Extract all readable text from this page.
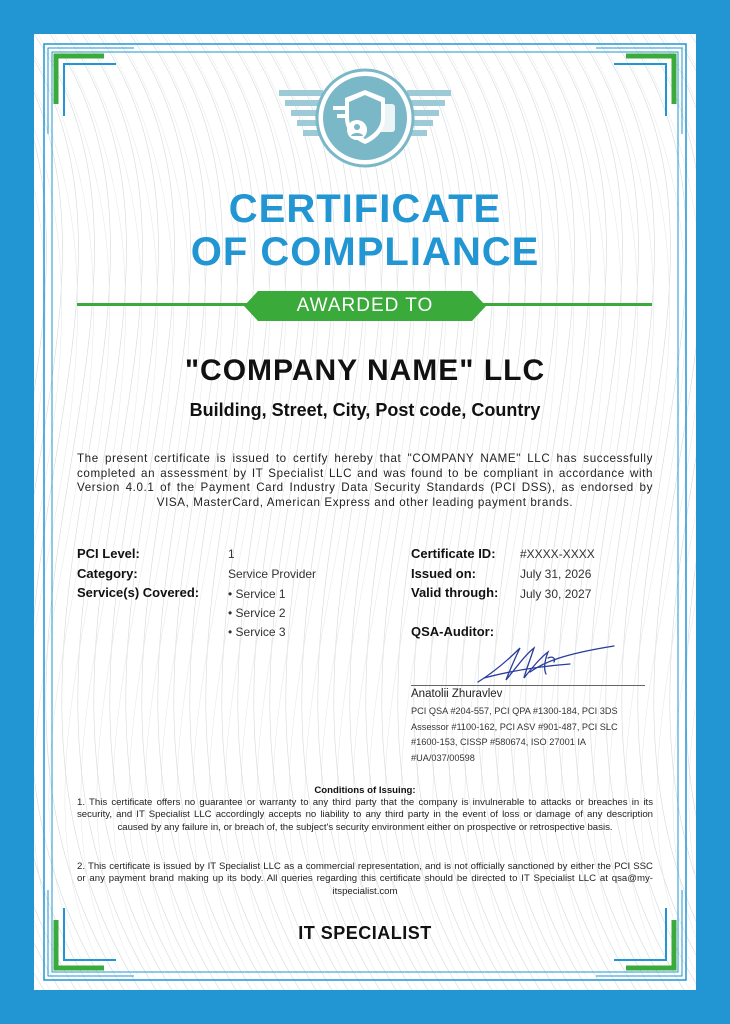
CERTIFICATE
OF COMPLIANCE
AWARDED TO
"COMPANY NAME" LLC
Building, Street, City, Post code, Country
The present certificate is issued to certify hereby that "COMPANY NAME" LLC has successfully completed an assessment by IT Specialist LLC and was found to be compliant in accordance with Version 4.0.1 of the Payment Card Industry Data Security Standards (PCI DSS), as endorsed by VISA, MasterCard, American Express and other leading payment brands.
PCI Level:	1
Category:	Service Provider
Service(s) Covered: • Service 1
• Service 2
• Service 3
Certificate ID: #XXXX-XXXX
Issued on:	July 31, 2026
Valid through: July 30, 2027
QSA-Auditor:
Anatolii Zhuravlev
PCI QSA #204-557, PCI QPA #1300-184, PCI 3DS
Assessor #1100-162, PCI ASV #901-487, PCI SLC
#1600-153, CISSP #580674, ISO 27001 IA
#UA/037/00598
Conditions of Issuing:
1. This certificate offers no guarantee or warranty to any third party that the company is invulnerable to attacks or breaches in its security, and IT Specialist LLC accordingly accepts no liability to any third party in the event of loss or damage of any description caused by any failure in, or breach of, the subject's security environment either on prospective or retrospective basis.
2. This certificate is issued by IT Specialist LLC as a commercial representation, and is not officially sanctioned by either the PCI SSC or any payment brand making up its body. All queries regarding this certificate should be directed to IT Specialist LLC at qsa@my-itspecialist.com
IT SPECIALIST
